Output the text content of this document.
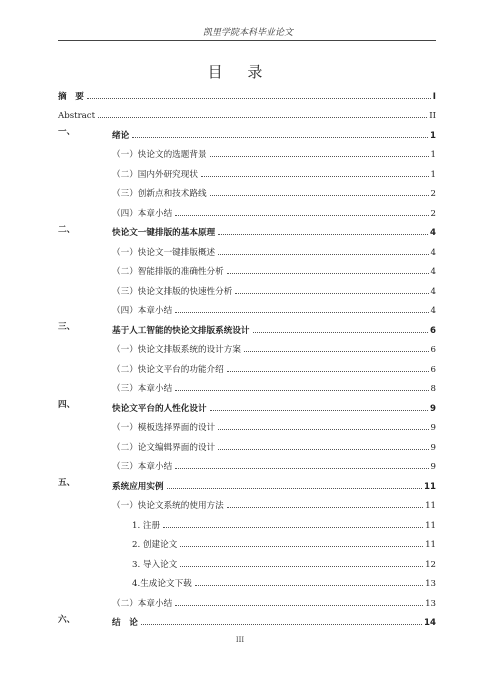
凯里学院本科毕业论文
目 录
摘　要	I
Abstract	II
一、	绪论	1
（一）快论文的选题背景	1
（二）国内外研究现状	1
（三）创新点和技术路线	2
（四）本章小结	2
二、	快论文一键排版的基本原理	4
（一）快论文一键排版概述	4
（二）智能排版的准确性分析	4
（三）快论文排版的快速性分析	4
（四）本章小结	4
三、	基于人工智能的快论文排版系统设计	6
（一）快论文排版系统的设计方案	6
（二）快论文平台的功能介绍	6
（三）本章小结	8
四、	快论文平台的人性化设计	9
（一）模板选择界面的设计	9
（二）论文编辑界面的设计	9
（三）本章小结	9
五、	系统应用实例	11
（一）快论文系统的使用方法	11
1. 注册	11
2. 创建论文	11
3. 导入论文	12
4.生成论文下载	13
（二）本章小结	13
六、	结　论	14
III
